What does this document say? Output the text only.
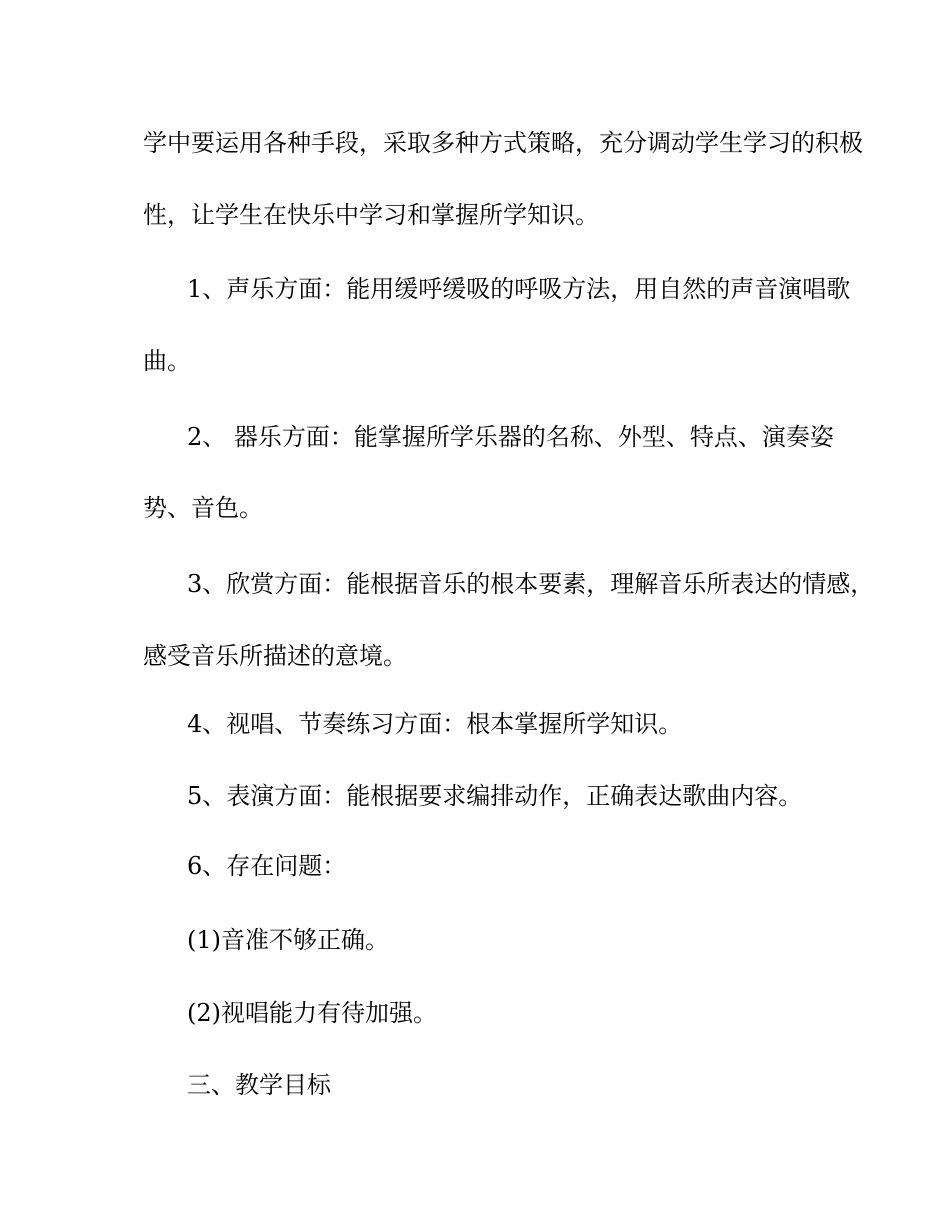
学中要运用各种手段，采取多种方式策略，充分调动学生学习的积极
性，让学生在快乐中学习和掌握所学知识。
1、声乐方面：能用缓呼缓吸的呼吸方法，用自然的声音演唱歌
曲。
2、 器乐方面：能掌握所学乐器的名称、外型、特点、演奏姿
势、音色。
3、欣赏方面：能根据音乐的根本要素，理解音乐所表达的情感，
感受音乐所描述的意境。
4、视唱、节奏练习方面：根本掌握所学知识。
5、表演方面：能根据要求编排动作，正确表达歌曲内容。
6、存在问题：
(1)音准不够正确。
(2)视唱能力有待加强。
三、教学目标
